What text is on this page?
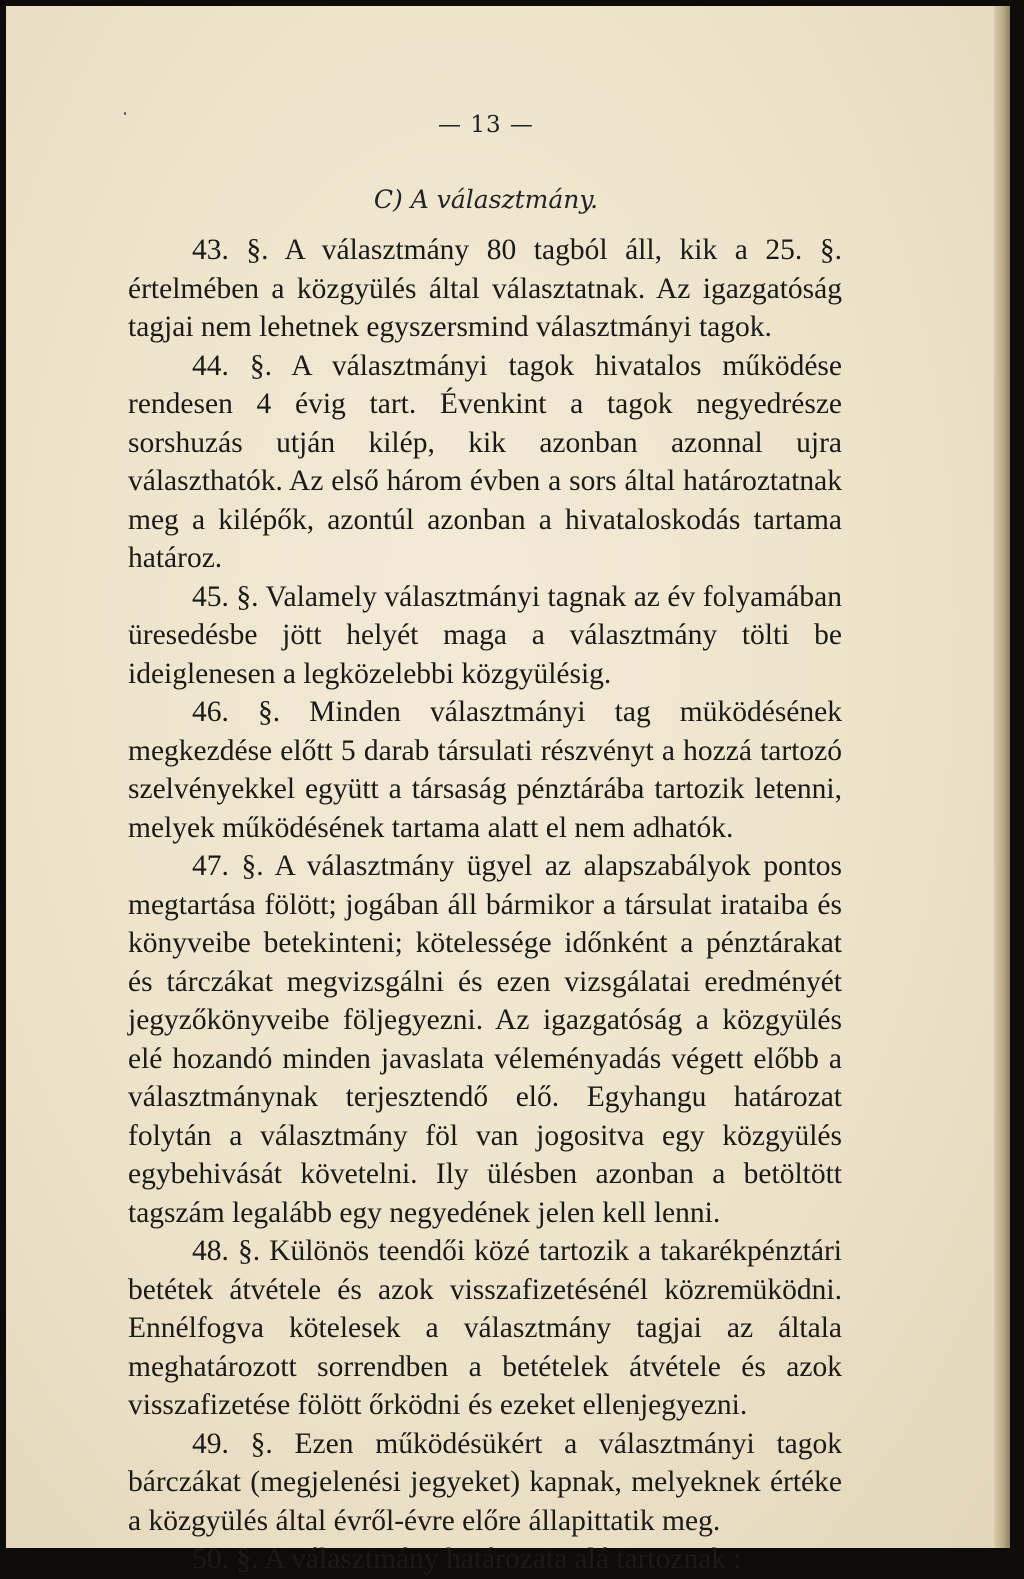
— 13 —
C) A választmány.

43. §. A választmány 80 tagból áll, kik a 25. §. értelmében a közgyülés által választatnak. Az igazgatóság tagjai nem lehetnek egyszersmind választmányi tagok.

44. §. A választmányi tagok hivatalos működése rendesen 4 évig tart. Évenkint a tagok negyedrésze sorshuzás utján kilép, kik azonban azonnal ujra választhatók. Az első három évben a sors által határoztatnak meg a kilépők, azontúl azonban a hivataloskodás tartama határoz.

45. §. Valamely választmányi tagnak az év folyamában üresedésbe jött helyét maga a választmány tölti be ideiglenesen a legközelebbi közgyülésig.

46. §. Minden választmányi tag müködésének megkezdése előtt 5 darab társulati részvényt a hozzá tartozó szelvényekkel együtt a társaság pénztárába tartozik letenni, melyek működésének tartama alatt el nem adhatók.

47. §. A választmány ügyel az alapszabályok pontos megtartása fölött; jogában áll bármikor a társulat irataiba és könyveibe betekinteni; kötelessége időnként a pénztárakat és tárczákat megvizsgálni és ezen vizsgálatai eredményét jegyzőkönyveibe följegyezni. Az igazgatóság a közgyülés elé hozandó minden javaslata véleményadás végett előbb a választmánynak terjesztendő elő. Egyhangu határozat folytán a választmány föl van jogositva egy közgyülés egybehivását követelni. Ily ülésben azonban a betöltött tagszám legalább egy negyedének jelen kell lenni.

48. §. Különös teendői közé tartozik a takarékpénztári betétek átvétele és azok visszafizetésénél közremüködni. Ennélfogva kötelesek a választmány tagjai az általa meghatározott sorrendben a betételek átvétele és azok visszafizetése fölött őrködni és ezeket ellenjegyezni.

49. §. Ezen működésükért a választmányi tagok bárczákat (megjelenési jegyeket) kapnak, melyeknek értéke a közgyülés által évről-évre előre állapittatik meg.

50. §. A választmány határozata alá tartoznak :
